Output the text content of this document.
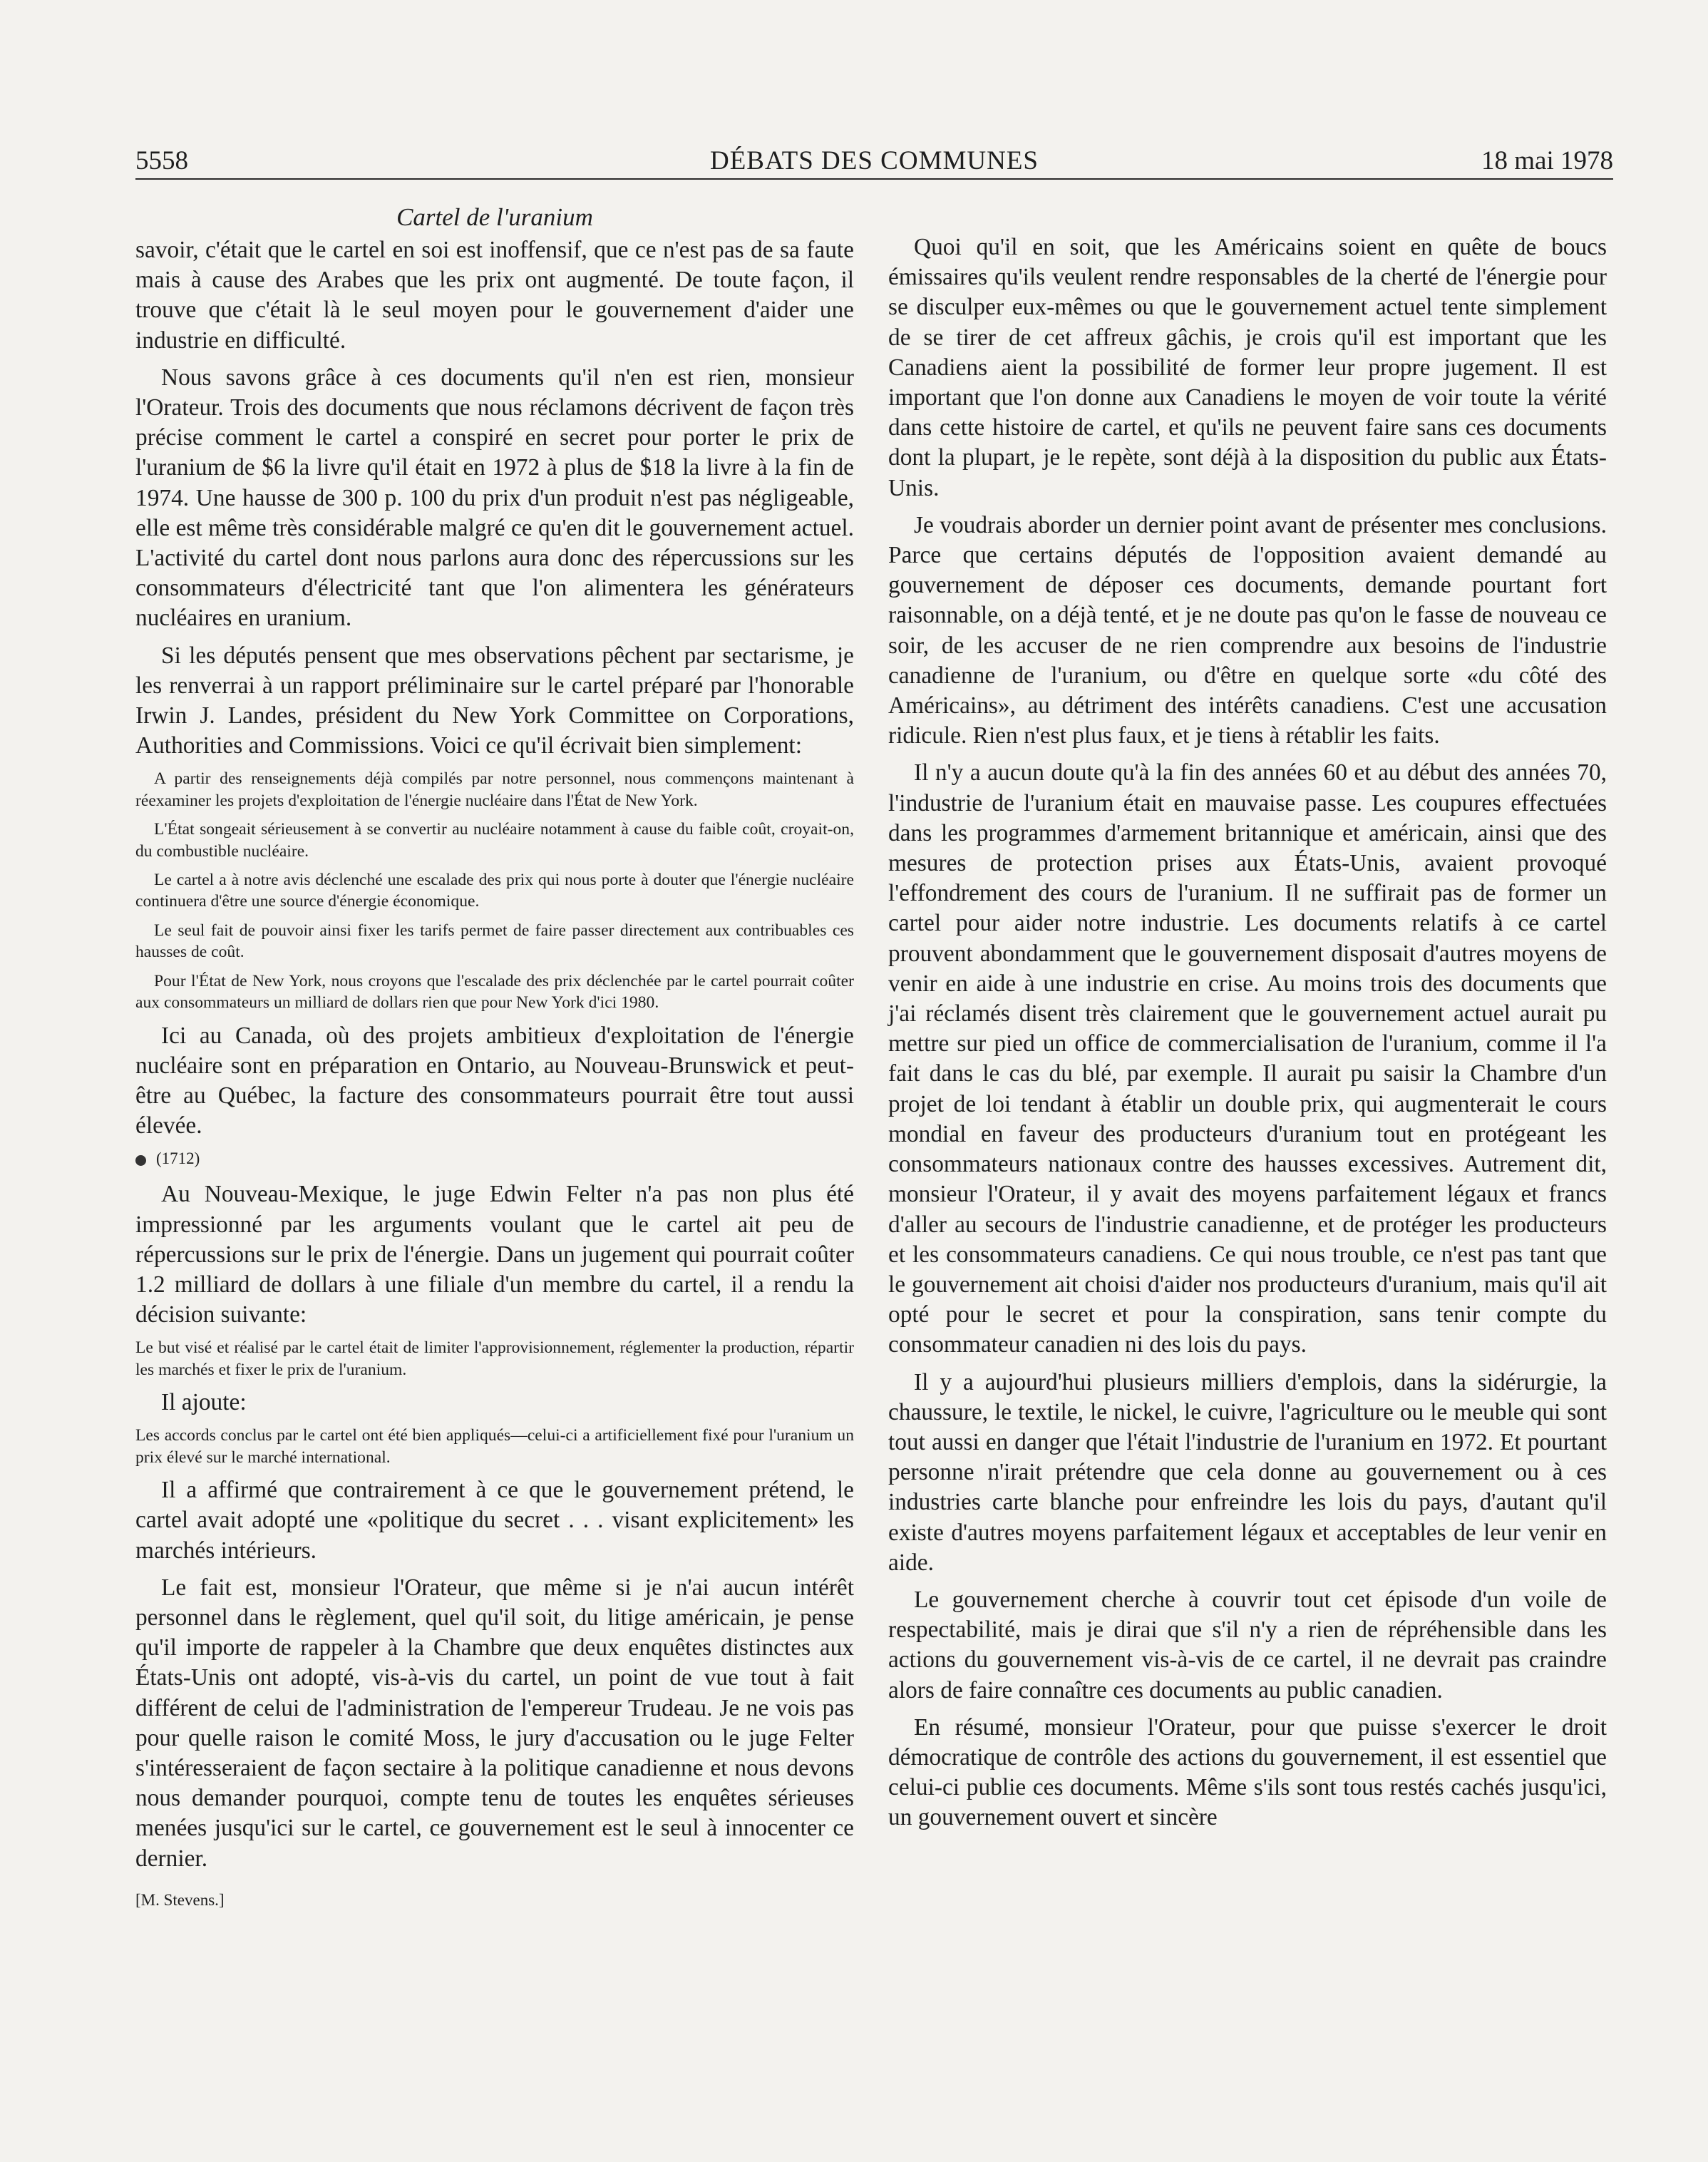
5558	DÉBATS DES COMMUNES	18 mai 1978
Cartel de l'uranium

savoir, c'était que le cartel en soi est inoffensif, que ce n'est pas de sa faute mais à cause des Arabes que les prix ont augmenté. De toute façon, il trouve que c'était là le seul moyen pour le gouvernement d'aider une industrie en difficulté.

Nous savons grâce à ces documents qu'il n'en est rien, monsieur l'Orateur. Trois des documents que nous réclamons décrivent de façon très précise comment le cartel a conspiré en secret pour porter le prix de l'uranium de $6 la livre qu'il était en 1972 à plus de $18 la livre à la fin de 1974. Une hausse de 300 p. 100 du prix d'un produit n'est pas négligeable, elle est même très considérable malgré ce qu'en dit le gouvernement actuel. L'activité du cartel dont nous parlons aura donc des répercussions sur les consommateurs d'électricité tant que l'on alimentera les générateurs nucléaires en uranium.

Si les députés pensent que mes observations pêchent par sectarisme, je les renverrai à un rapport préliminaire sur le cartel préparé par l'honorable Irwin J. Landes, président du New York Committee on Corporations, Authorities and Commissions. Voici ce qu'il écrivait bien simplement:

A partir des renseignements déjà compilés par notre personnel, nous commençons maintenant à réexaminer les projets d'exploitation de l'énergie nucléaire dans l'État de New York.

L'État songeait sérieusement à se convertir au nucléaire notamment à cause du faible coût, croyait-on, du combustible nucléaire.

Le cartel a à notre avis déclenché une escalade des prix qui nous porte à douter que l'énergie nucléaire continuera d'être une source d'énergie économique.

Le seul fait de pouvoir ainsi fixer les tarifs permet de faire passer directement aux contribuables ces hausses de coût.

Pour l'État de New York, nous croyons que l'escalade des prix déclenchée par le cartel pourrait coûter aux consommateurs un milliard de dollars rien que pour New York d'ici 1980.

Ici au Canada, où des projets ambitieux d'exploitation de l'énergie nucléaire sont en préparation en Ontario, au Nouveau-Brunswick et peut-être au Québec, la facture des consommateurs pourrait être tout aussi élevée.

(1712)

Au Nouveau-Mexique, le juge Edwin Felter n'a pas non plus été impressionné par les arguments voulant que le cartel ait peu de répercussions sur le prix de l'énergie. Dans un jugement qui pourrait coûter 1.2 milliard de dollars à une filiale d'un membre du cartel, il a rendu la décision suivante:

Le but visé et réalisé par le cartel était de limiter l'approvisionnement, réglementer la production, répartir les marchés et fixer le prix de l'uranium.

Il ajoute:

Les accords conclus par le cartel ont été bien appliqués—celui-ci a artificiellement fixé pour l'uranium un prix élevé sur le marché international.

Il a affirmé que contrairement à ce que le gouvernement prétend, le cartel avait adopté une «politique du secret . . . visant explicitement» les marchés intérieurs.

Le fait est, monsieur l'Orateur, que même si je n'ai aucun intérêt personnel dans le règlement, quel qu'il soit, du litige américain, je pense qu'il importe de rappeler à la Chambre que deux enquêtes distinctes aux États-Unis ont adopté, vis-à-vis du cartel, un point de vue tout à fait différent de celui de l'administration de l'empereur Trudeau. Je ne vois pas pour quelle raison le comité Moss, le jury d'accusation ou le juge Felter s'intéresseraient de façon sectaire à la politique canadienne et nous devons nous demander pourquoi, compte tenu de toutes les enquêtes sérieuses menées jusqu'ici sur le cartel, ce gouvernement est le seul à innocenter ce dernier.

[M. Stevens.]

Quoi qu'il en soit, que les Américains soient en quête de boucs émissaires qu'ils veulent rendre responsables de la cherté de l'énergie pour se disculper eux-mêmes ou que le gouvernement actuel tente simplement de se tirer de cet affreux gâchis, je crois qu'il est important que les Canadiens aient la possibilité de former leur propre jugement. Il est important que l'on donne aux Canadiens le moyen de voir toute la vérité dans cette histoire de cartel, et qu'ils ne peuvent faire sans ces documents dont la plupart, je le repète, sont déjà à la disposition du public aux États-Unis.

Je voudrais aborder un dernier point avant de présenter mes conclusions. Parce que certains députés de l'opposition avaient demandé au gouvernement de déposer ces documents, demande pourtant fort raisonnable, on a déjà tenté, et je ne doute pas qu'on le fasse de nouveau ce soir, de les accuser de ne rien comprendre aux besoins de l'industrie canadienne de l'uranium, ou d'être en quelque sorte «du côté des Américains», au détriment des intérêts canadiens. C'est une accusation ridicule. Rien n'est plus faux, et je tiens à rétablir les faits.

Il n'y a aucun doute qu'à la fin des années 60 et au début des années 70, l'industrie de l'uranium était en mauvaise passe. Les coupures effectuées dans les programmes d'armement britannique et américain, ainsi que des mesures de protection prises aux États-Unis, avaient provoqué l'effondrement des cours de l'uranium. Il ne suffirait pas de former un cartel pour aider notre industrie. Les documents relatifs à ce cartel prouvent abondamment que le gouvernement disposait d'autres moyens de venir en aide à une industrie en crise. Au moins trois des documents que j'ai réclamés disent très clairement que le gouvernement actuel aurait pu mettre sur pied un office de commercialisation de l'uranium, comme il l'a fait dans le cas du blé, par exemple. Il aurait pu saisir la Chambre d'un projet de loi tendant à établir un double prix, qui augmenterait le cours mondial en faveur des producteurs d'uranium tout en protégeant les consommateurs nationaux contre des hausses excessives. Autrement dit, monsieur l'Orateur, il y avait des moyens parfaitement légaux et francs d'aller au secours de l'industrie canadienne, et de protéger les producteurs et les consommateurs canadiens. Ce qui nous trouble, ce n'est pas tant que le gouvernement ait choisi d'aider nos producteurs d'uranium, mais qu'il ait opté pour le secret et pour la conspiration, sans tenir compte du consommateur canadien ni des lois du pays.

Il y a aujourd'hui plusieurs milliers d'emplois, dans la sidérurgie, la chaussure, le textile, le nickel, le cuivre, l'agriculture ou le meuble qui sont tout aussi en danger que l'était l'industrie de l'uranium en 1972. Et pourtant personne n'irait prétendre que cela donne au gouvernement ou à ces industries carte blanche pour enfreindre les lois du pays, d'autant qu'il existe d'autres moyens parfaitement légaux et acceptables de leur venir en aide.

Le gouvernement cherche à couvrir tout cet épisode d'un voile de respectabilité, mais je dirai que s'il n'y a rien de répréhensible dans les actions du gouvernement vis-à-vis de ce cartel, il ne devrait pas craindre alors de faire connaître ces documents au public canadien.

En résumé, monsieur l'Orateur, pour que puisse s'exercer le droit démocratique de contrôle des actions du gouvernement, il est essentiel que celui-ci publie ces documents. Même s'ils sont tous restés cachés jusqu'ici, un gouvernement ouvert et sincère
